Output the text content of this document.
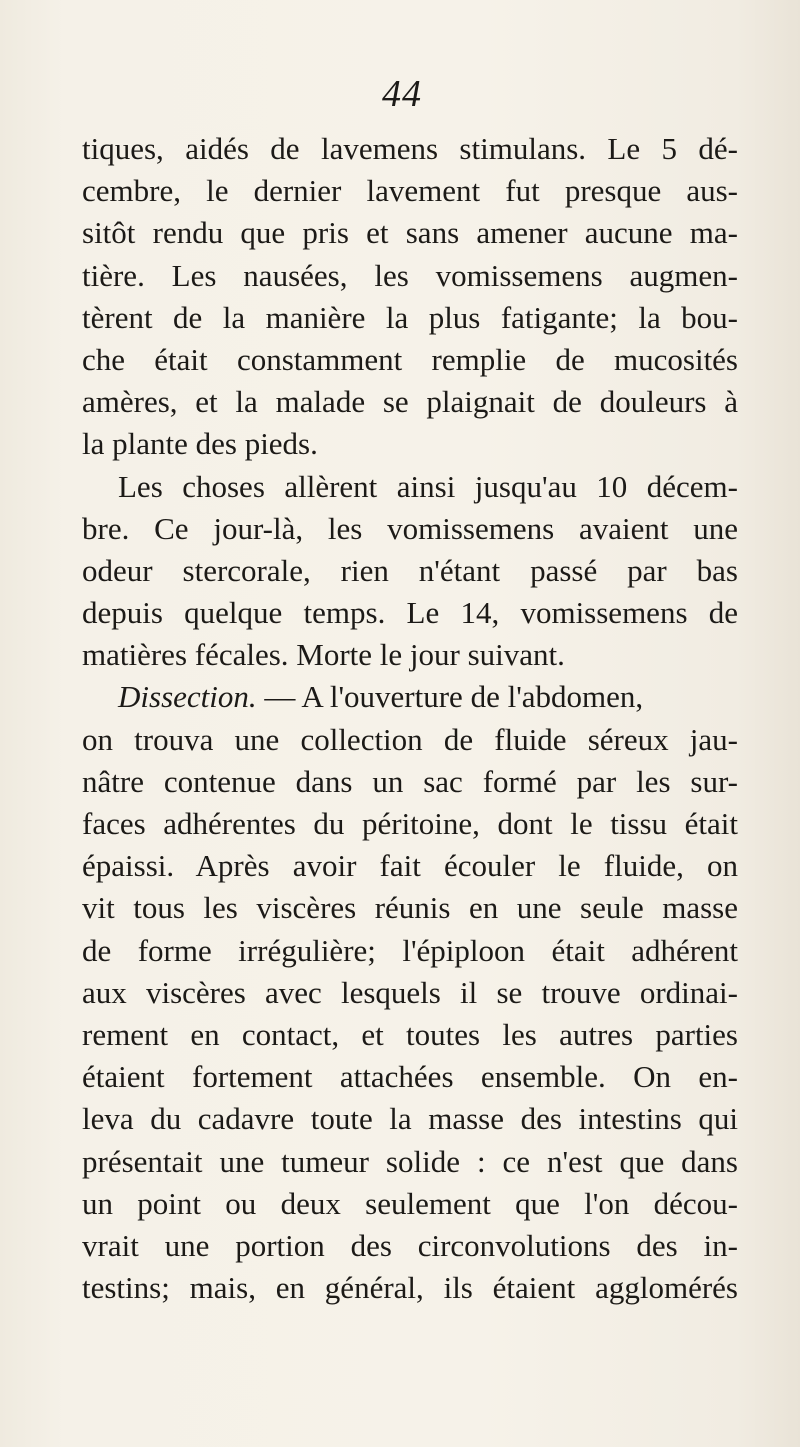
44
tiques, aidés de lavemens stimulans. Le 5 dé-
cembre, le dernier lavement fut presque aus-
sitôt rendu que pris et sans amener aucune ma-
tière. Les nausées, les vomissemens augmen-
tèrent de la manière la plus fatigante; la bou-
che était constamment remplie de mucosités
amères, et la malade se plaignait de douleurs à
la plante des pieds.
Les choses allèrent ainsi jusqu'au 10 décem-
bre. Ce jour-là, les vomissemens avaient une
odeur stercorale, rien n'étant passé par bas
depuis quelque temps. Le 14, vomissemens de
matières fécales. Morte le jour suivant.
Dissection. — A l'ouverture de l'abdomen,
on trouva une collection de fluide séreux jau-
nâtre contenue dans un sac formé par les sur-
faces adhérentes du péritoine, dont le tissu était
épaissi. Après avoir fait écouler le fluide, on
vit tous les viscères réunis en une seule masse
de forme irrégulière; l'épiploon était adhérent
aux viscères avec lesquels il se trouve ordinai-
rement en contact, et toutes les autres parties
étaient fortement attachées ensemble. On en-
leva du cadavre toute la masse des intestins qui
présentait une tumeur solide : ce n'est que dans
un point ou deux seulement que l'on décou-
vrait une portion des circonvolutions des in-
testins; mais, en général, ils étaient agglomérés
